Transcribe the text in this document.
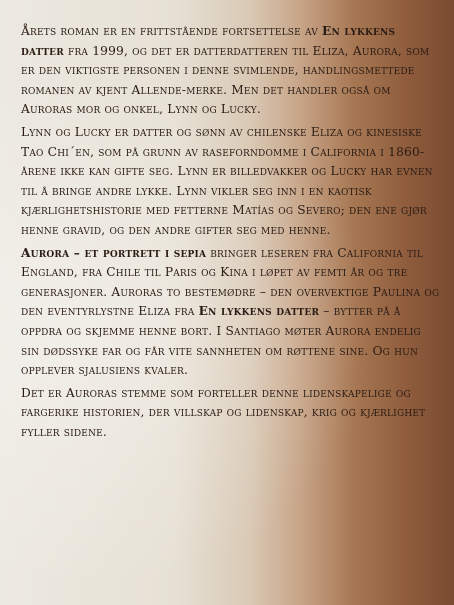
Årets roman er en frittstående fortsettelse av En lykkens datter fra 1999, og det er datterdatteren til Eliza, Aurora, som er den viktigste personen i denne svimlende, handlingsmettede romanen av kjent Allende-merke. Men det handler også om Auroras mor og onkel, Lynn og Lucky.

Lynn og Lucky er datter og sønn av chilenske Eliza og kinesiske Tao Chi´en, som på grunn av raseforndomme i California i 1860-årene ikke kan gifte seg. Lynn er billedvakker og Lucky har evnen til å bringe andre lykke. Lynn vikler seg inn i en kaotisk kjærlighetshistorie med fetterne Matías og Severo; den ene gjør henne gravid, og den andre gifter seg med henne.

Aurora – et portrett i sepia bringer leseren fra California til England, fra Chile til Paris og Kina i løpet av femti år og tre generasjoner. Auroras to bestemødre – den overvektige Paulina og den eventyrlystne Eliza fra En lykkens datter – bytter på å oppdra og skjemme henne bort. I Santiago møter Aurora endelig sin dødssyke far og får vite sannheten om røttene sine. Og hun opplever sjalusiens kvaler.

Det er Auroras stemme som forteller denne lidenskapelige og fargerike historien, der villskap og lidenskap, krig og kjærlighet fyller sidene.
